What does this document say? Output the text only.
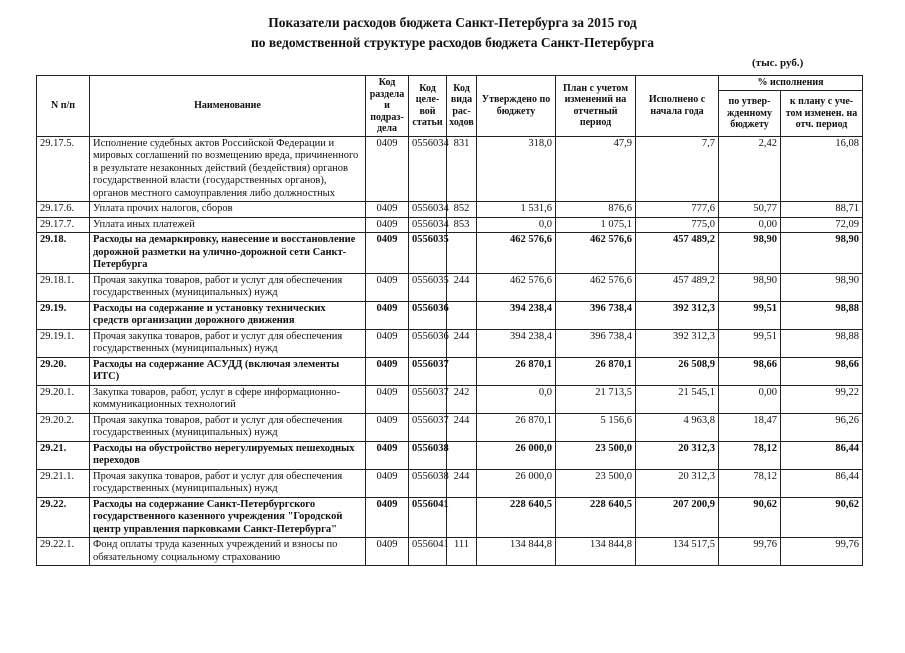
Показатели расходов бюджета Санкт-Петербурга за 2015 год
по ведомственной структуре расходов бюджета Санкт-Петербурга
(тыс. руб.)
N п/п	Наименование	Код раздела и подраз-дела	Код целе-вой статьи	Код вида рас-ходов	Утверждено по бюджету	План с учетом изменений на отчетный период	Исполнено с начала года	% исполнения	
								по утвер-жденному бюджету	к плану с уче-том изменен. на отч. период
29.17.5.	Исполнение судебных актов Российской Федерации и мировых соглашений по возмещению вреда, причиненного в результате незаконных действий (бездействия) органов государственной власти (государственных органов), органов местного самоуправления либо должностных	0409	0556034	831	318,0	47,9	7,7	2,42	16,08
29.17.6.	Уплата прочих налогов, сборов	0409	0556034	852	1 531,6	876,6	777,6	50,77	88,71
29.17.7.	Уплата иных платежей	0409	0556034	853	0,0	1 075,1	775,0	0,00	72,09
29.18.	Расходы на демаркировку, нанесение и восстановление дорожной разметки на улично-дорожной сети Санкт-Петербурга	0409	0556035		462 576,6	462 576,6	457 489,2	98,90	98,90
29.18.1.	Прочая закупка товаров, работ и услуг для обеспечения государственных (муниципальных) нужд	0409	0556035	244	462 576,6	462 576,6	457 489,2	98,90	98,90
29.19.	Расходы на содержание и установку технических средств организации дорожного движения	0409	0556036		394 238,4	396 738,4	392 312,3	99,51	98,88
29.19.1.	Прочая закупка товаров, работ и услуг для обеспечения государственных (муниципальных) нужд	0409	0556036	244	394 238,4	396 738,4	392 312,3	99,51	98,88
29.20.	Расходы на содержание АСУДД (включая элементы ИТС)	0409	0556037		26 870,1	26 870,1	26 508,9	98,66	98,66
29.20.1.	Закупка товаров, работ, услуг в сфере информационно-коммуникационных технологий	0409	0556037	242	0,0	21 713,5	21 545,1	0,00	99,22
29.20.2.	Прочая закупка товаров, работ и услуг для обеспечения государственных (муниципальных) нужд	0409	0556037	244	26 870,1	5 156,6	4 963,8	18,47	96,26
29.21.	Расходы на обустройство нерегулируемых пешеходных переходов	0409	0556038		26 000,0	23 500,0	20 312,3	78,12	86,44
29.21.1.	Прочая закупка товаров, работ и услуг для обеспечения государственных (муниципальных) нужд	0409	0556038	244	26 000,0	23 500,0	20 312,3	78,12	86,44
29.22.	Расходы на содержание Санкт-Петербургского государственного казенного учреждения "Городской центр управления парковками Санкт-Петербурга"	0409	0556041		228 640,5	228 640,5	207 200,9	90,62	90,62
29.22.1.	Фонд оплаты труда казенных учреждений и взносы по обязательному социальному страхованию	0409	0556041	111	134 844,8	134 844,8	134 517,5	99,76	99,76
